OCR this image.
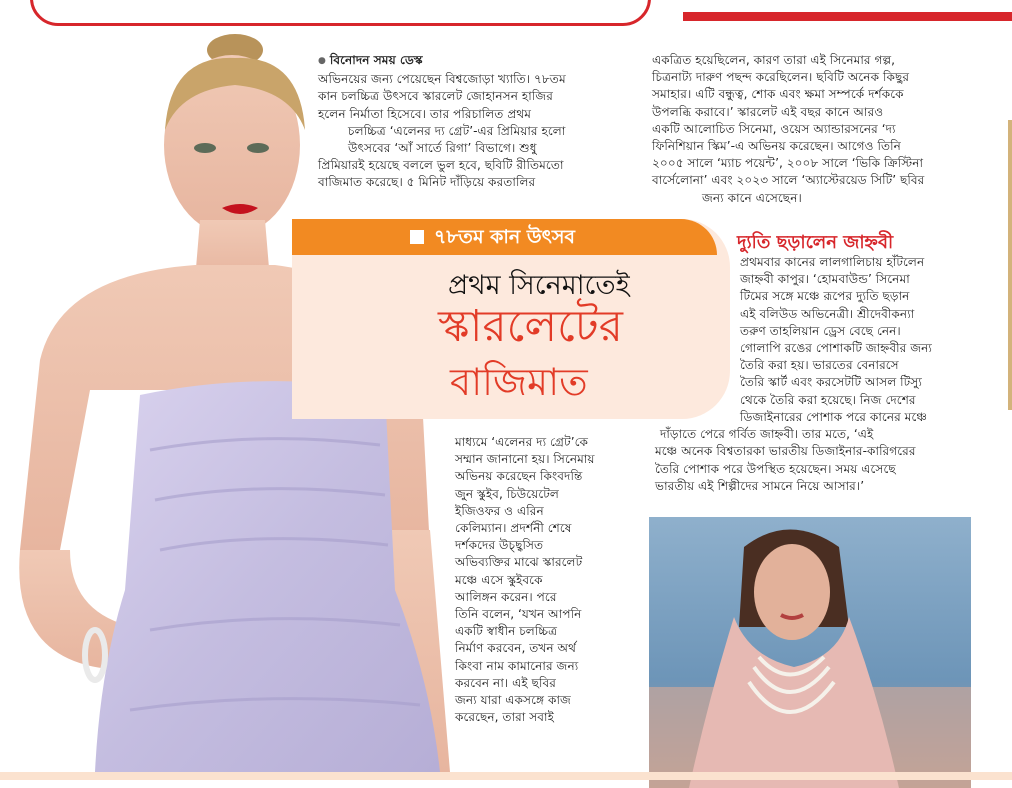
৭৮তম কান উৎসব
প্রথম সিনেমাতেই
স্কারলেটের
বাজিমাত

● বিনোদন সময় ডেস্ক

অভিনয়ের জন্য পেয়েছেন বিশ্বজোড়া খ্যাতি। ৭৮তম

কান চলচ্চিত্র উৎসবে স্কারলেট জোহানসন হাজির

হলেন নির্মাতা হিসেবে। তার পরিচালিত প্রথম

চলচ্চিত্র ‘এলেনর দ্য গ্রেট’-এর প্রিমিয়ার হলো

উৎসবের ‘আঁ সার্তে রিগা’ বিভাগে। শুধু

প্রিমিয়ারই হয়েছে বললে ভুল হবে, ছবিটি রীতিমতো

বাজিমাত করেছে। ৫ মিনিট দাঁড়িয়ে করতালির

মাধ্যমে ‘এলেনর দ্য গ্রেট’কে

সম্মান জানানো হয়। সিনেমায়

অভিনয় করেছেন কিংবদন্তি

জুন স্কুইব, চিউয়েটেল

ইজিওফর ও এরিন

কেলিম্যান। প্রদর্শনী শেষে

দর্শকদের উচ্ছ্বসিত

অভিব্যক্তির মাঝে স্কারলেট

মঞ্চে এসে স্কুইবকে

আলিঙ্গন করেন। পরে

তিনি বলেন, ‘যখন আপনি

একটি স্বাধীন চলচ্চিত্র

নির্মাণ করবেন, তখন অর্থ

কিংবা নাম কামানোর জন্য

করবেন না। এই ছবির

জন্য যারা একসঙ্গে কাজ

করেছেন, তারা সবাই

একত্রিত হয়েছিলেন, কারণ তারা এই সিনেমার গল্প,

চিত্রনাট্য দারুণ পছন্দ করেছিলেন। ছবিটি অনেক কিছুর

সমাহার। এটি বন্ধুত্ব, শোক এবং ক্ষমা সম্পর্কে দর্শককে

উপলব্ধি করাবে।’ স্কারলেট এই বছর কানে আরও

একটি আলোচিত সিনেমা, ওয়েস অ্যান্ডারসনের ‘দ্য

ফিনিশিয়ান স্কিম’-এ অভিনয় করেছেন। আগেও তিনি

২০০৫ সালে ‘ম্যাচ পয়েন্ট’, ২০০৮ সালে ‘ভিকি ক্রিস্টিনা

বার্সেলোনা’ এবং ২০২৩ সালে ‘অ্যাস্টেরয়েড সিটি’ ছবির

জন্য কানে এসেছেন।

দ্যুতি ছড়ালেন জাহ্নবী

প্রথমবার কানের লালগালিচায় হাঁটলেন

জাহ্নবী কাপুর। ‘হোমবাউন্ড’ সিনেমা

টিমের সঙ্গে মঞ্চে রূপের দ্যুতি ছড়ান

এই বলিউড অভিনেত্রী। শ্রীদেবীকন্যা

তরুণ তাহলিয়ান ড্রেস বেছে নেন।

গোলাপি রঙের পোশাকটি জাহ্নবীর জন্য

তৈরি করা হয়। ভারতের বেনারসে

তৈরি স্কার্ট এবং করসেটটি আসল টিস্যু

থেকে তৈরি করা হয়েছে। নিজ দেশের

ডিজাইনারের পোশাক পরে কানের মঞ্চে

দাঁড়াতে পেরে গর্বিত জাহ্নবী। তার মতে, ‘এই

মঞ্চে অনেক বিশ্বতারকা ভারতীয় ডিজাইনার-কারিগরের

তৈরি পোশাক পরে উপস্থিত হয়েছেন। সময় এসেছে

ভারতীয় এই শিল্পীদের সামনে নিয়ে আসার।’
